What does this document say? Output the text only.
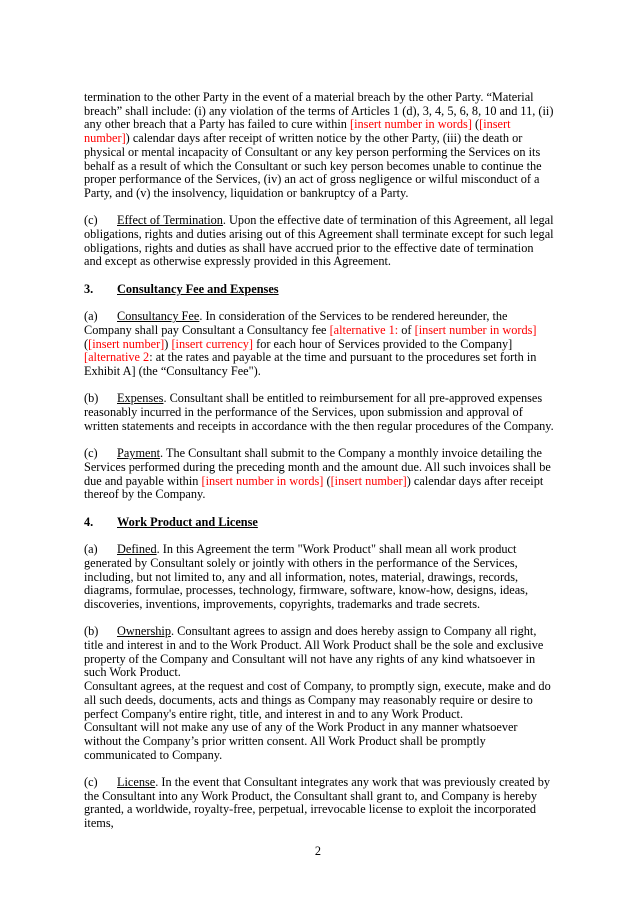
termination to the other Party in the event of a material breach by the other Party. “Material breach” shall include: (i) any violation of the terms of Articles 1 (d), 3, 4, 5, 6, 8, 10 and 11, (ii) any other breach that a Party has failed to cure within [insert number in words] ([insert number]) calendar days after receipt of written notice by the other Party, (iii) the death or physical or mental incapacity of Consultant or any key person performing the Services on its behalf as a result of which the Consultant or such key person becomes unable to continue the proper performance of the Services, (iv) an act of gross negligence or wilful misconduct of a Party, and (v) the insolvency, liquidation or bankruptcy of a Party.

(c) Effect of Termination. Upon the effective date of termination of this Agreement, all legal obligations, rights and duties arising out of this Agreement shall terminate except for such legal obligations, rights and duties as shall have accrued prior to the effective date of termination and except as otherwise expressly provided in this Agreement.

3. Consultancy Fee and Expenses

(a) Consultancy Fee. In consideration of the Services to be rendered hereunder, the Company shall pay Consultant a Consultancy fee [alternative 1: of [insert number in words] ([insert number]) [insert currency] for each hour of Services provided to the Company]
[alternative 2: at the rates and payable at the time and pursuant to the procedures set forth in Exhibit A] (the “Consultancy Fee").

(b) Expenses. Consultant shall be entitled to reimbursement for all pre-approved expenses reasonably incurred in the performance of the Services, upon submission and approval of written statements and receipts in accordance with the then regular procedures of the Company.

(c) Payment. The Consultant shall submit to the Company a monthly invoice detailing the Services performed during the preceding month and the amount due. All such invoices shall be due and payable within [insert number in words] ([insert number]) calendar days after receipt thereof by the Company.

4. Work Product and License

(a) Defined. In this Agreement the term "Work Product" shall mean all work product generated by Consultant solely or jointly with others in the performance of the Services, including, but not limited to, any and all information, notes, material, drawings, records, diagrams, formulae, processes, technology, firmware, software, know-how, designs, ideas, discoveries, inventions, improvements, copyrights, trademarks and trade secrets.

(b) Ownership. Consultant agrees to assign and does hereby assign to Company all right, title and interest in and to the Work Product. All Work Product shall be the sole and exclusive property of the Company and Consultant will not have any rights of any kind whatsoever in such Work Product.
Consultant agrees, at the request and cost of Company, to promptly sign, execute, make and do all such deeds, documents, acts and things as Company may reasonably require or desire to perfect Company's entire right, title, and interest in and to any Work Product.
Consultant will not make any use of any of the Work Product in any manner whatsoever without the Company’s prior written consent. All Work Product shall be promptly communicated to Company.

(c) License. In the event that Consultant integrates any work that was previously created by the Consultant into any Work Product, the Consultant shall grant to, and Company is hereby granted, a worldwide, royalty-free, perpetual, irrevocable license to exploit the incorporated items,

2
